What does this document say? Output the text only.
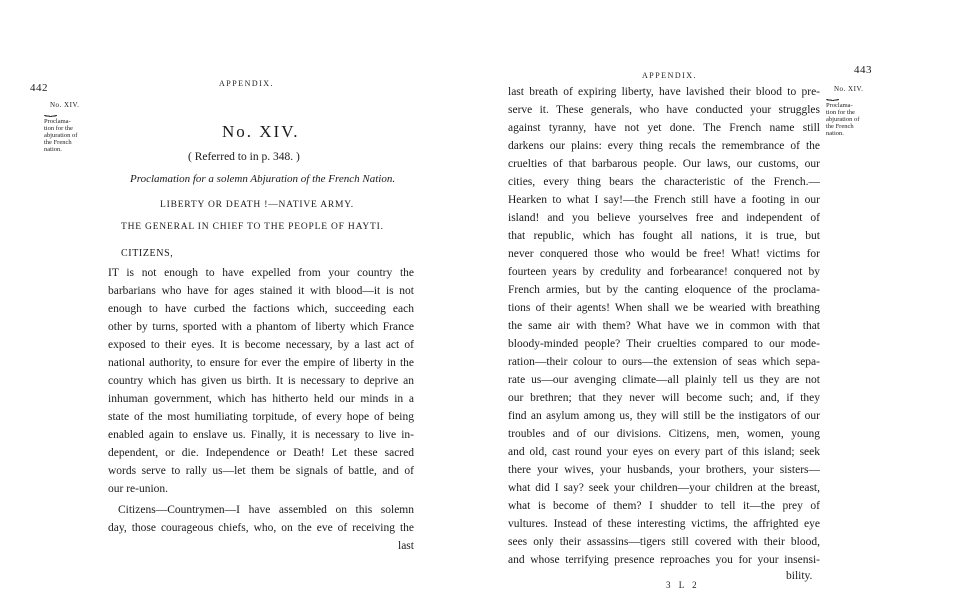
442	APPENDIX.
No. XIV.
⏟
Proclama-
tion for the
abjuration of
the French
nation.
No. XIV.
( Referred to in p. 348. )
Proclamation for a solemn Abjuration of the French Nation.
LIBERTY OR DEATH !—NATIVE ARMY.
THE GENERAL IN CHIEF TO THE PEOPLE OF HAYTI.
CITIZENS,
IT is not enough to have expelled from your country the
barbarians who have for ages stained it with blood—it is not
enough to have curbed the factions which, succeeding each
other by turns, sported with a phantom of liberty which France
exposed to their eyes. It is become necessary, by a last act of
national authority, to ensure for ever the empire of liberty in the
country which has given us birth. It is necessary to deprive an
inhuman government, which has hitherto held our minds in a
state of the most humiliating torpitude, of every hope of being
enabled again to enslave us. Finally, it is necessary to live in-
dependent, or die. Independence or Death! Let these sacred
words serve to rally us—let them be signals of battle, and of
our re-union.
Citizens—Countrymen—I have assembled on this solemn
day, those courageous chiefs, who, on the eve of receiving the
last
APPENDIX.	443
No. XIV.
⏟
Proclama-
tion for the
abjuration of
the French
nation.
last breath of expiring liberty, have lavished their blood to pre-
serve it. These generals, who have conducted your struggles
against tyranny, have not yet done. The French name still
darkens our plains: every thing recals the remembrance of the
cruelties of that barbarous people. Our laws, our customs, our
cities, every thing bears the characteristic of the French.—
Hearken to what I say!—the French still have a footing in our
island! and you believe yourselves free and independent of
that republic, which has fought all nations, it is true, but
never conquered those who would be free! What! victims for
fourteen years by credulity and forbearance! conquered not by
French armies, but by the canting eloquence of the proclama-
tions of their agents! When shall we be wearied with breathing
the same air with them? What have we in common with that
bloody-minded people? Their cruelties compared to our mode-
ration—their colour to ours—the extension of seas which sepa-
rate us—our avenging climate—all plainly tell us they are not
our brethren; that they never will become such; and, if they
find an asylum among us, they will still be the instigators of our
troubles and of our divisions. Citizens, men, women, young
and old, cast round your eyes on every part of this island; seek
there your wives, your husbands, your brothers, your sisters—
what did I say? seek your children—your children at the breast,
what is become of them? I shudder to tell it—the prey of
vultures. Instead of these interesting victims, the affrighted eye
sees only their assassins—tigers still covered with their blood,
and whose terrifying presence reproaches you for your insensi-
bility.
3 L 2
